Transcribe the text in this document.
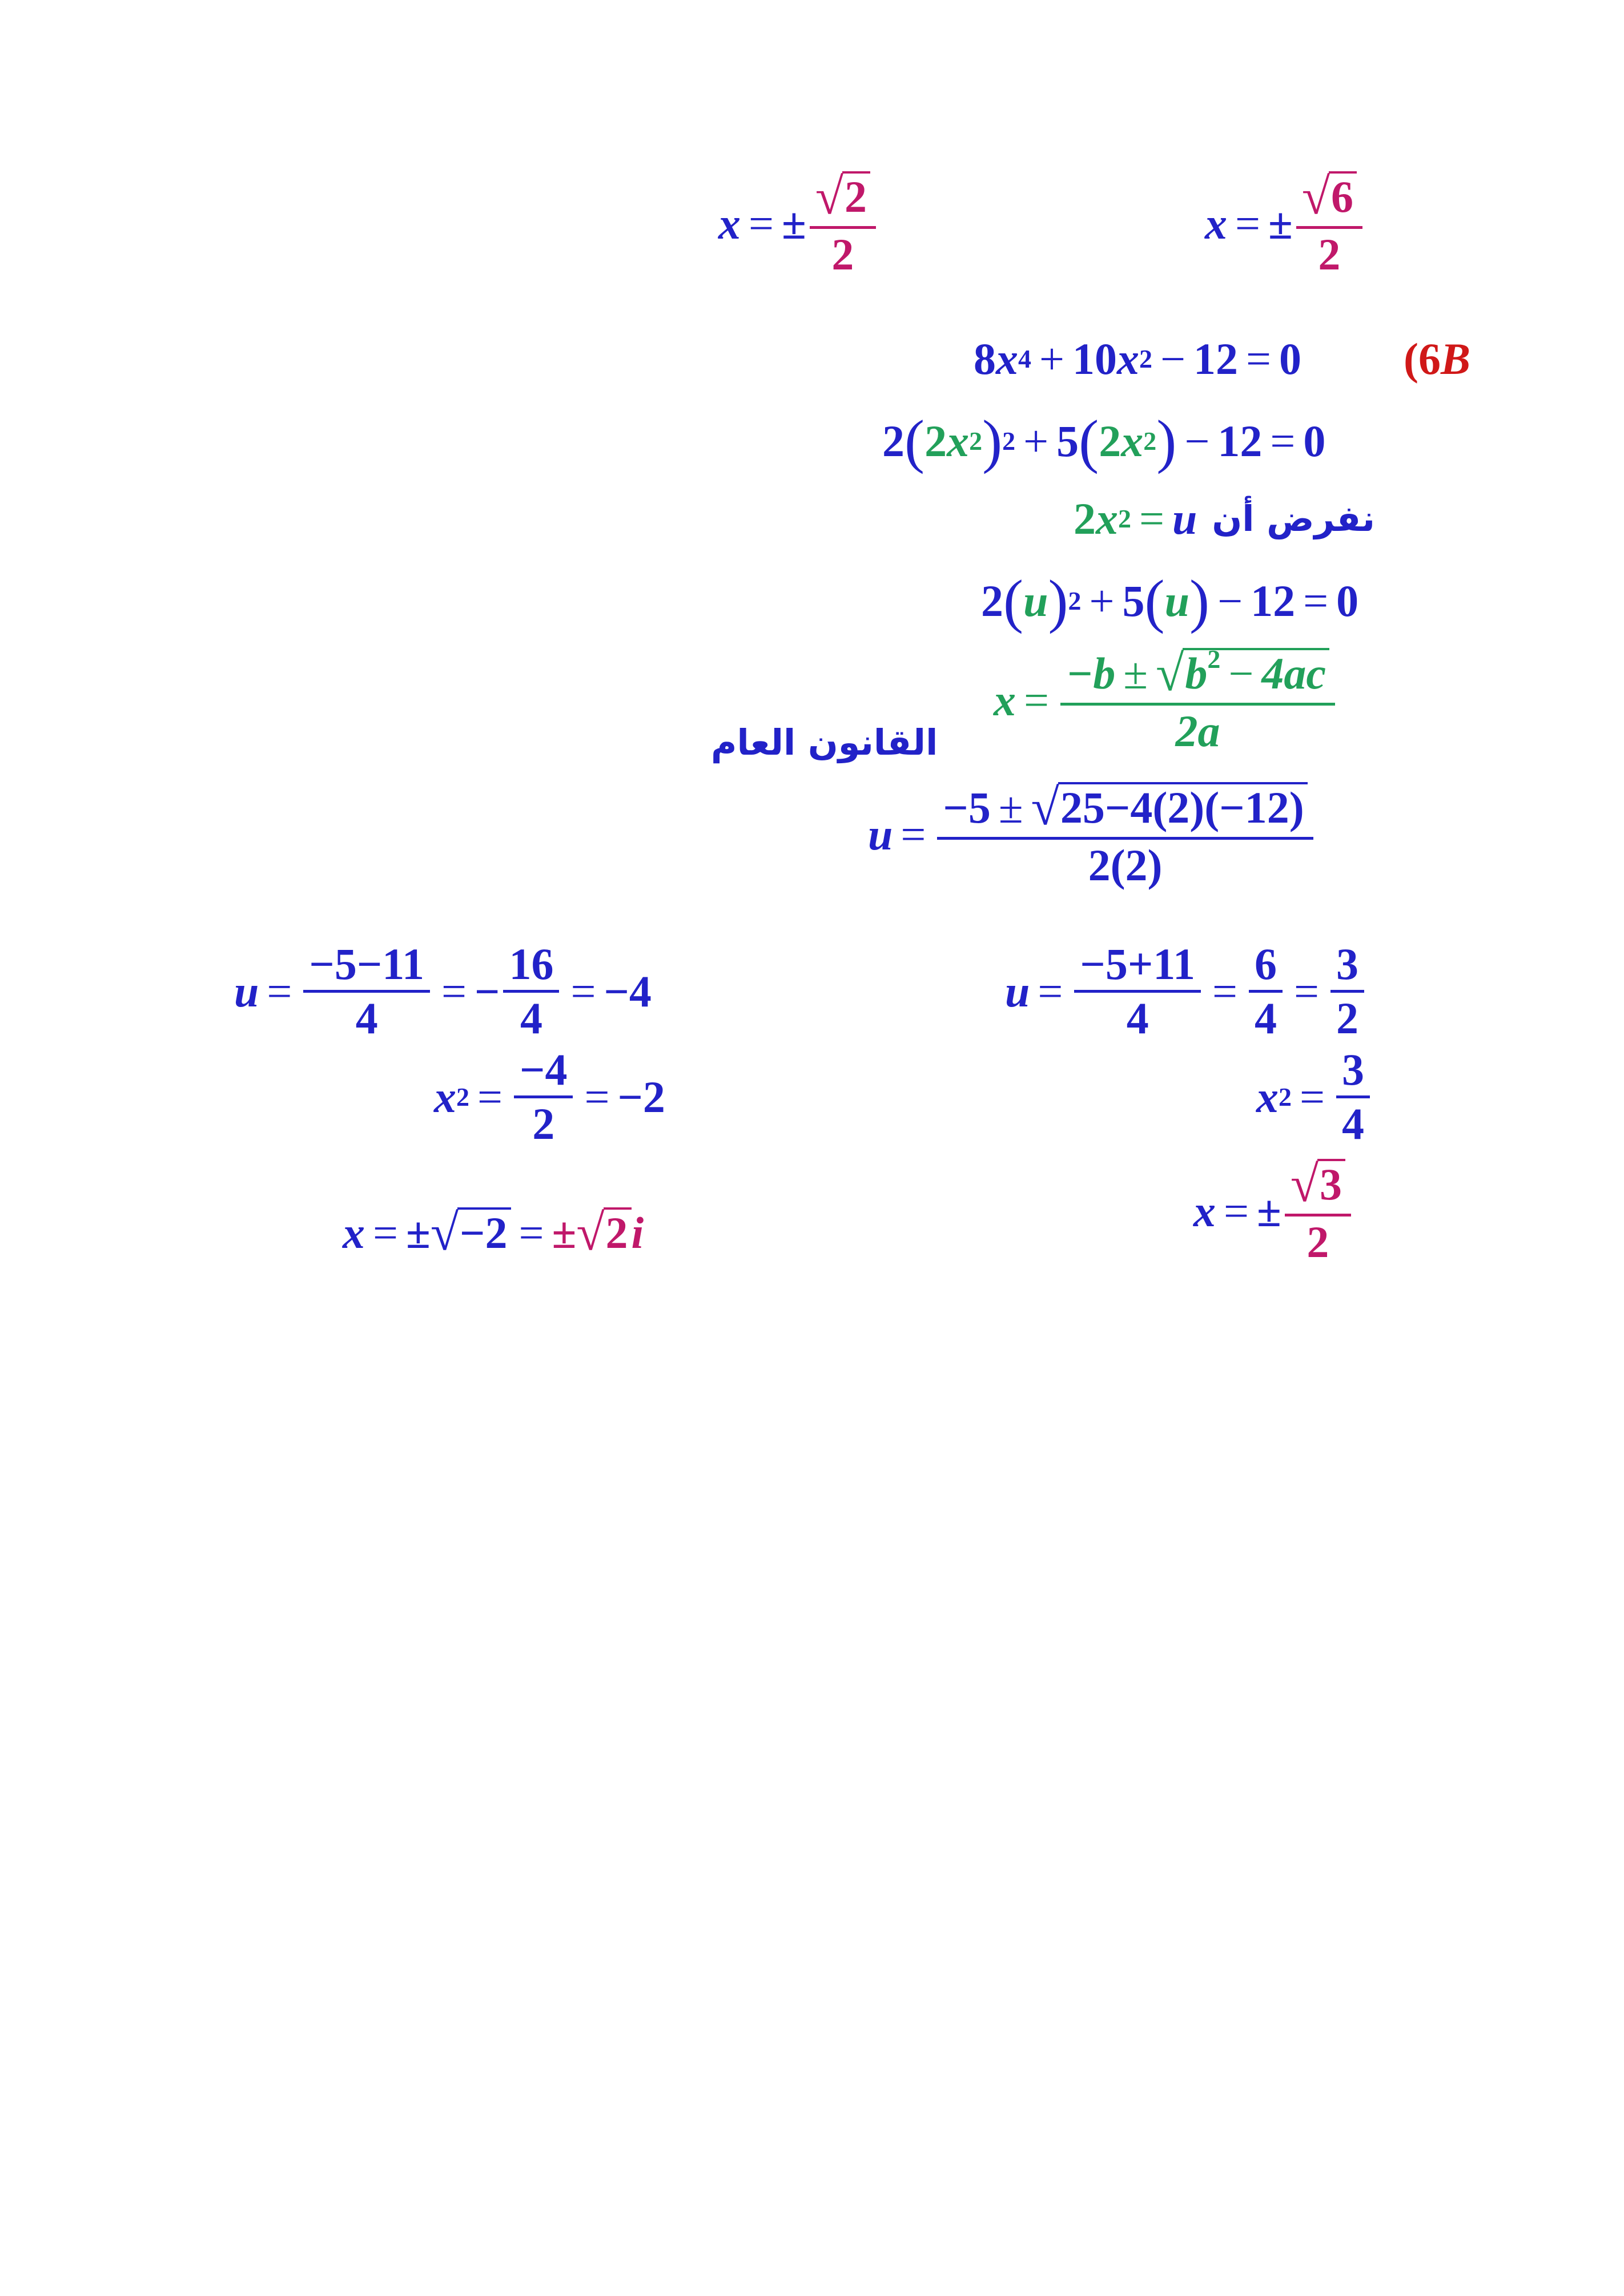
x = ± $\frac{√ 2}{2}$	x = ± $\frac{√ 6}{2}$
8 x 4 + 10 x 2 − 12 = 0 ( 6 B
2 ( 2 x 2 ) 2 + 5 ( 2 x 2 ) − 12 = 0
2 x 2 = u نفرض أن
2 ( u ) 2 + 5 ( u ) − 12 = 0
$x = \frac{-b \pm √ b^2 - 4ac}{2a}$
القانون العام
$u = \frac{-5 \pm √ 25-4(2)(-12)}{2(2)}$
$u = \frac{-5+11}{4} = \frac{6}{4} = \frac{3}{2}$
x $2 = \frac{3}{4}$
x = ± $\frac{√ 3}{2}$
$u = \frac{-5-11}{4}$ = − $\frac{16}{4} = -4$
x $2 = \frac{-4}{2} = -2$
x = ± √ −2 = ± √ 2 i
